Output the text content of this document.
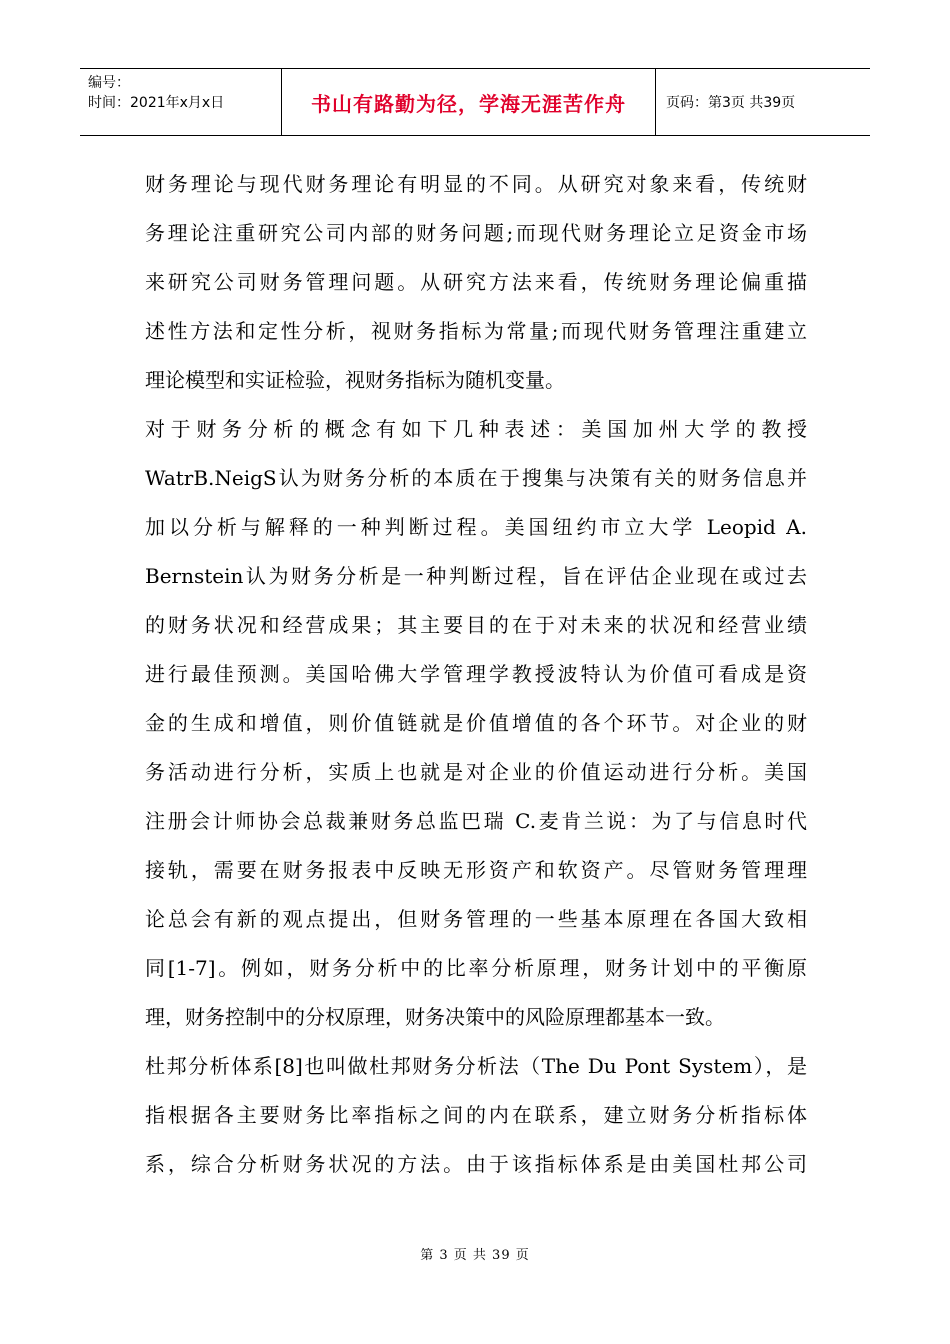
编号：
时间：2021年x月x日	书山有路勤为径，学海无涯苦作舟	页码：第3页 共39页
财务理论与现代财务理论有明显的不同。从研究对象来看，传统财
务理论注重研究公司内部的财务问题;而现代财务理论立足资金市场
来研究公司财务管理问题。从研究方法来看，传统财务理论偏重描
述性方法和定性分析，视财务指标为常量;而现代财务管理注重建立
理论模型和实证检验，视财务指标为随机变量。
对于财务分析的概念有如下几种表述：美国加州大学的教授
WatrB.NeigS认为财务分析的本质在于搜集与决策有关的财务信息并
加以分析与解释的一种判断过程。美国纽约市立大学 Leopid A.
Bernstein认为财务分析是一种判断过程，旨在评估企业现在或过去
的财务状况和经营成果；其主要目的在于对未来的状况和经营业绩
进行最佳预测。美国哈佛大学管理学教授波特认为价值可看成是资
金的生成和增值，则价值链就是价值增值的各个环节。对企业的财
务活动进行分析，实质上也就是对企业的价值运动进行分析。美国
注册会计师协会总裁兼财务总监巴瑞 C.麦肯兰说：为了与信息时代
接轨，需要在财务报表中反映无形资产和软资产。尽管财务管理理
论总会有新的观点提出，但财务管理的一些基本原理在各国大致相
同[1-7]。例如，财务分析中的比率分析原理，财务计划中的平衡原
理，财务控制中的分权原理，财务决策中的风险原理都基本一致。
杜邦分析体系[8]也叫做杜邦财务分析法（The Du Pont System），是
指根据各主要财务比率指标之间的内在联系，建立财务分析指标体
系，综合分析财务状况的方法。由于该指标体系是由美国杜邦公司
第 3 页 共 39 页
